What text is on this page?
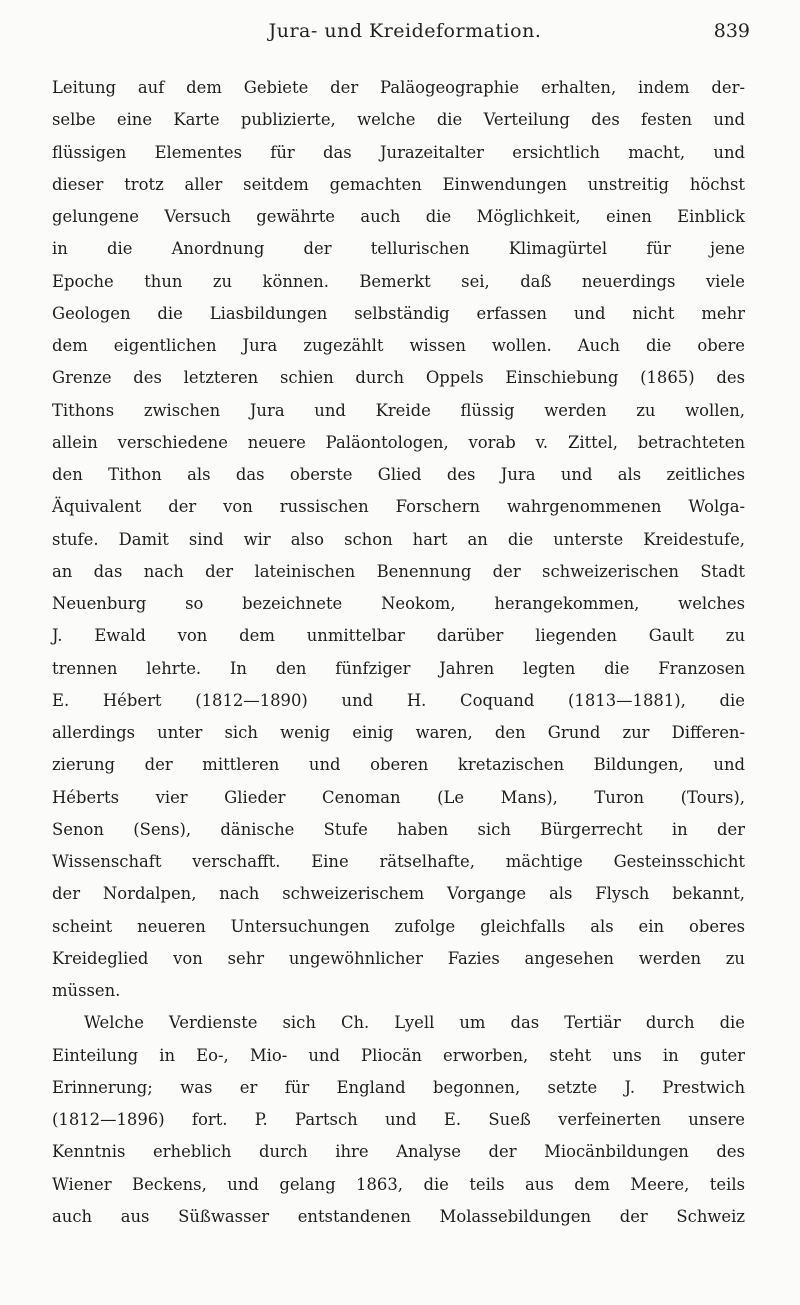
Jura- und Kreideformation.	839
Leitung auf dem Gebiete der Paläogeographie erhalten, indem der-
selbe eine Karte publizierte, welche die Verteilung des festen und
flüssigen Elementes für das Jurazeitalter ersichtlich macht, und
dieser trotz aller seitdem gemachten Einwendungen unstreitig höchst
gelungene Versuch gewährte auch die Möglichkeit, einen Einblick
in die Anordnung der tellurischen Klimagürtel für jene
Epoche thun zu können. Bemerkt sei, daß neuerdings viele
Geologen die Liasbildungen selbständig erfassen und nicht mehr
dem eigentlichen Jura zugezählt wissen wollen. Auch die obere
Grenze des letzteren schien durch Oppels Einschiebung (1865) des
Tithons zwischen Jura und Kreide flüssig werden zu wollen,
allein verschiedene neuere Paläontologen, vorab v. Zittel, betrachteten
den Tithon als das oberste Glied des Jura und als zeitliches
Äquivalent der von russischen Forschern wahrgenommenen Wolga-
stufe. Damit sind wir also schon hart an die unterste Kreidestufe,
an das nach der lateinischen Benennung der schweizerischen Stadt
Neuenburg so bezeichnete Neokom, herangekommen, welches
J. Ewald von dem unmittelbar darüber liegenden Gault zu
trennen lehrte. In den fünfziger Jahren legten die Franzosen
E. Hébert (1812—1890) und H. Coquand (1813—1881), die
allerdings unter sich wenig einig waren, den Grund zur Differen-
zierung der mittleren und oberen kretazischen Bildungen, und
Héberts vier Glieder Cenoman (Le Mans), Turon (Tours),
Senon (Sens), dänische Stufe haben sich Bürgerrecht in der
Wissenschaft verschafft. Eine rätselhafte, mächtige Gesteinsschicht
der Nordalpen, nach schweizerischem Vorgange als Flysch bekannt,
scheint neueren Untersuchungen zufolge gleichfalls als ein oberes
Kreideglied von sehr ungewöhnlicher Fazies angesehen werden zu
müssen.
Welche Verdienste sich Ch. Lyell um das Tertiär durch die
Einteilung in Eo-, Mio- und Pliocän erworben, steht uns in guter
Erinnerung; was er für England begonnen, setzte J. Prestwich
(1812—1896) fort. P. Partsch und E. Sueß verfeinerten unsere
Kenntnis erheblich durch ihre Analyse der Miocänbildungen des
Wiener Beckens, und gelang 1863, die teils aus dem Meere, teils
auch aus Süßwasser entstandenen Molassebildungen der Schweiz
